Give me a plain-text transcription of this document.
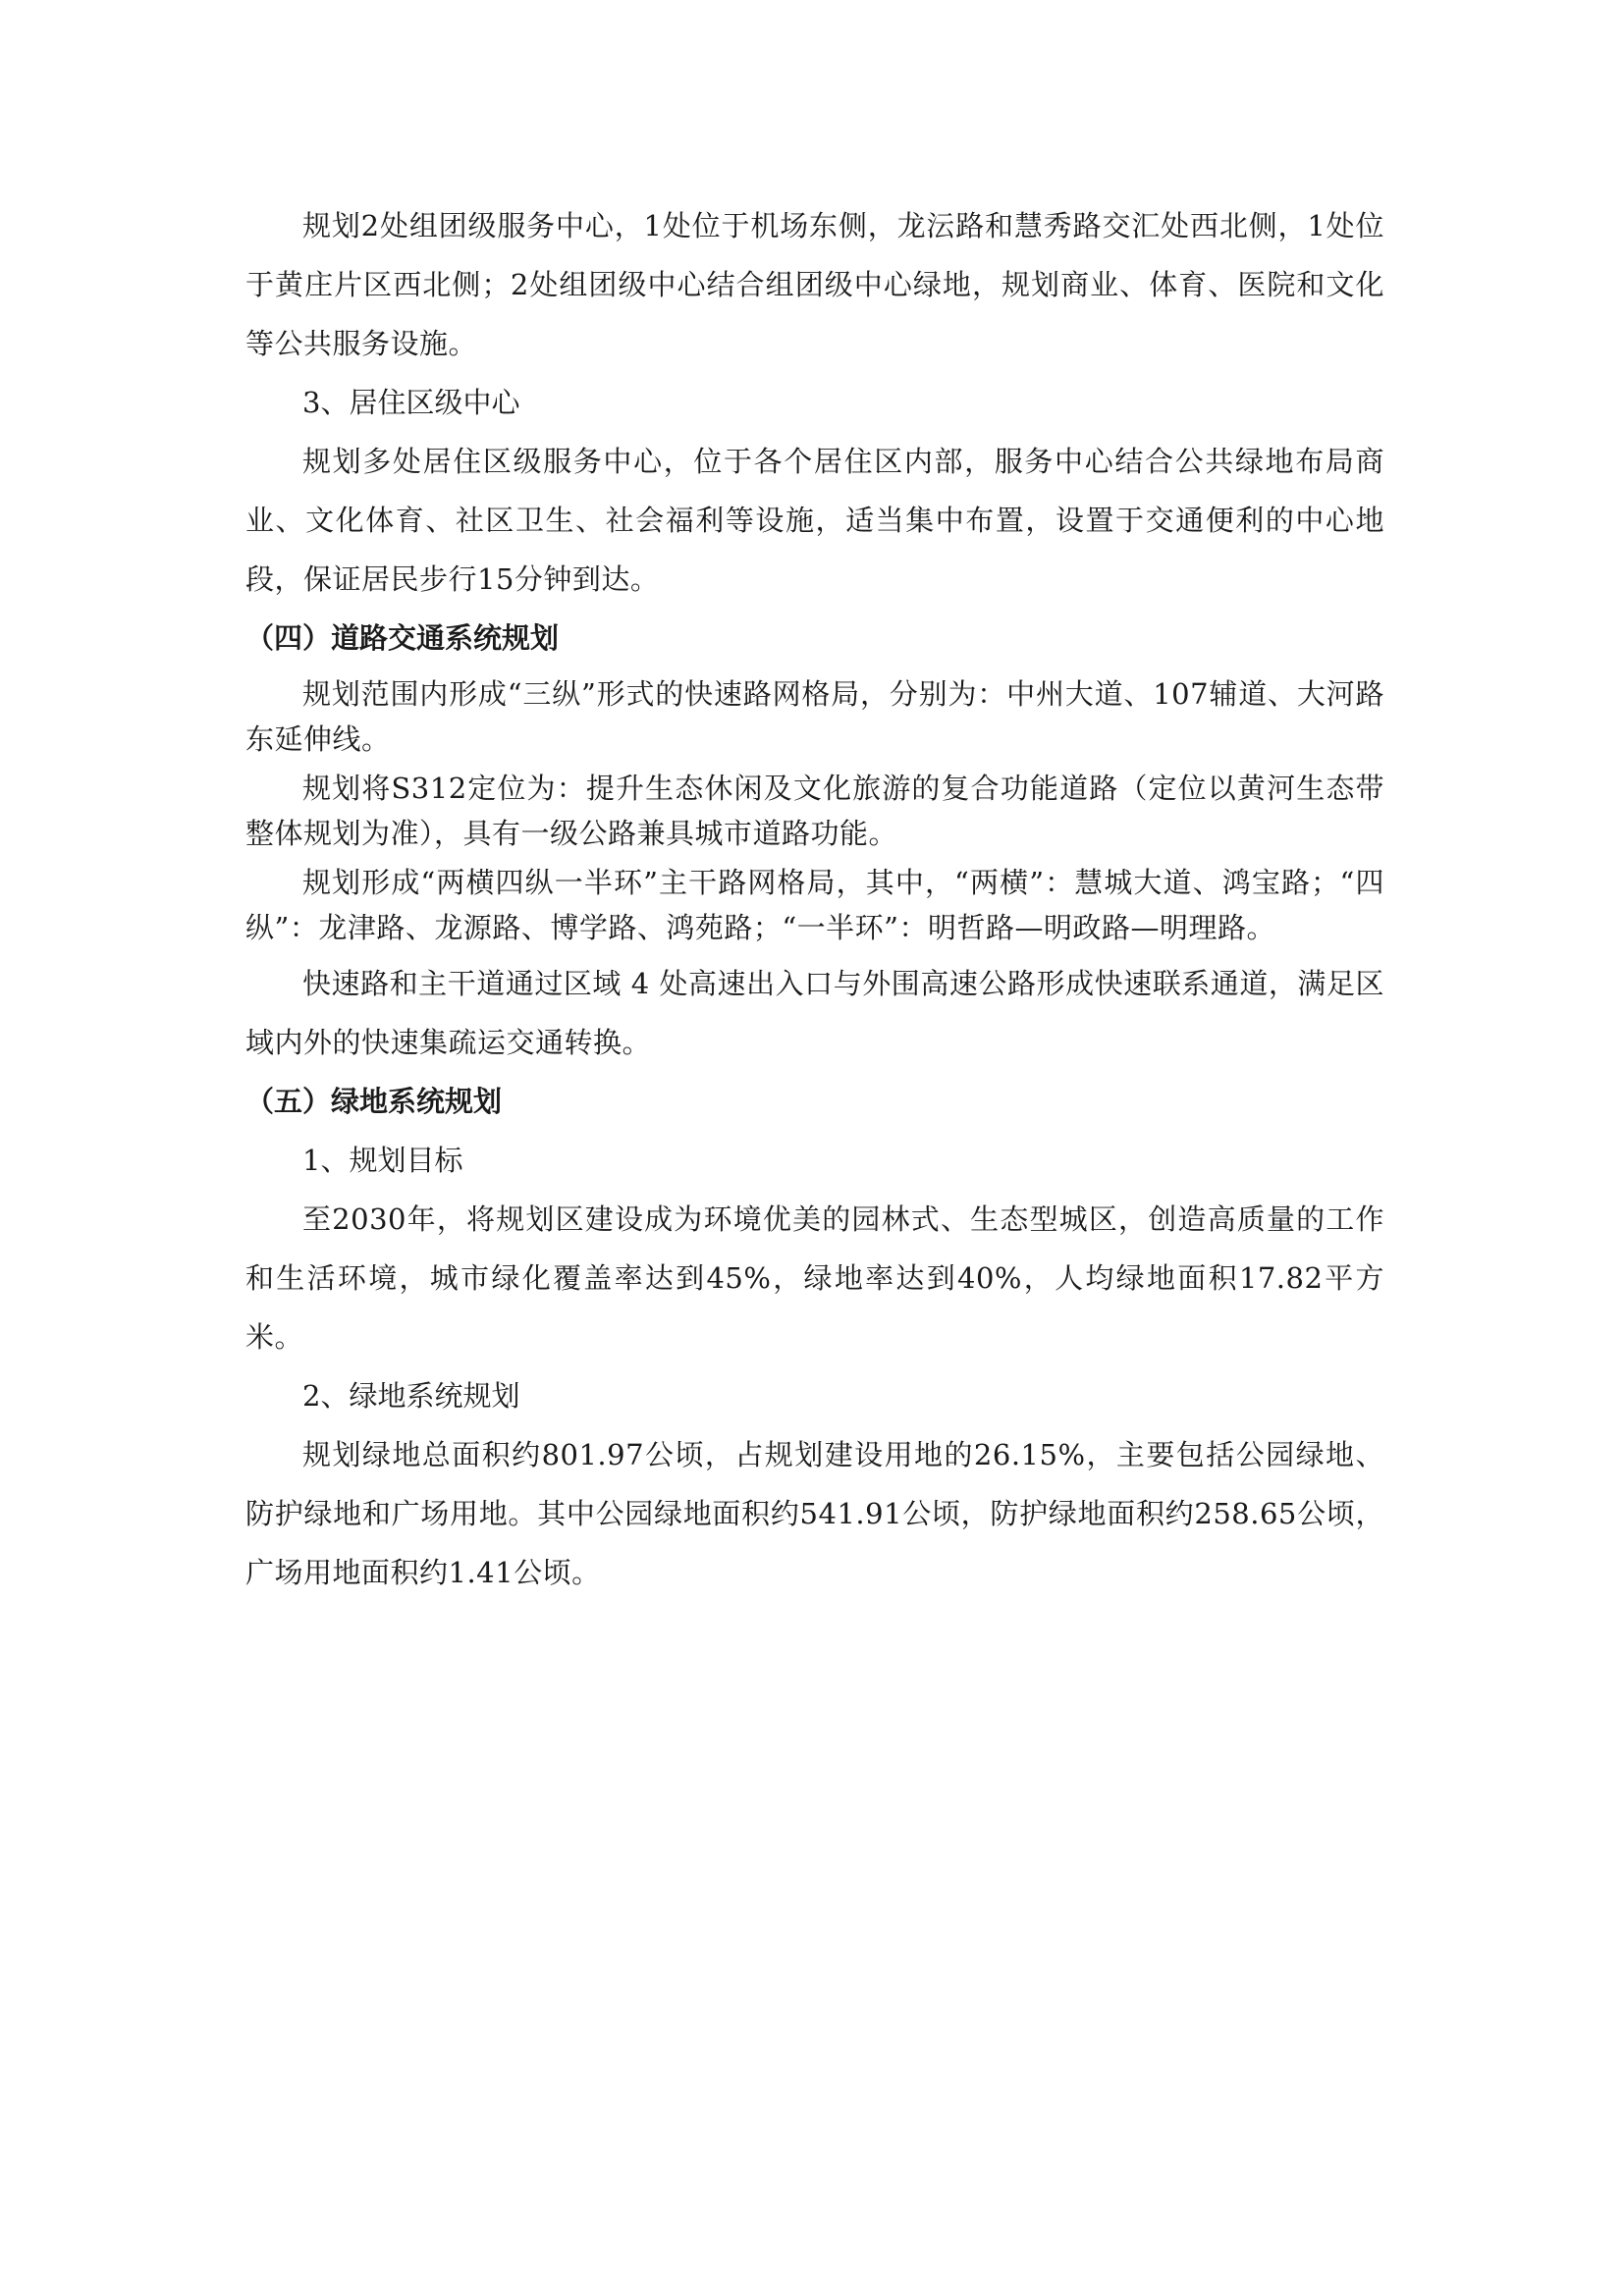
规划2处组团级服务中心，1处位于机场东侧，龙沄路和慧秀路交汇处西北侧，1处位于黄庄片区西北侧；2处组团级中心结合组团级中心绿地，规划商业、体育、医院和文化等公共服务设施。

3、居住区级中心

规划多处居住区级服务中心，位于各个居住区内部，服务中心结合公共绿地布局商业、文化体育、社区卫生、社会福利等设施，适当集中布置，设置于交通便利的中心地段，保证居民步行15分钟到达。

（四）道路交通系统规划

规划范围内形成“三纵”形式的快速路网格局，分别为：中州大道、107辅道、大河路东延伸线。

规划将S312定位为：提升生态休闲及文化旅游的复合功能道路（定位以黄河生态带整体规划为准），具有一级公路兼具城市道路功能。

规划形成“两横四纵一半环”主干路网格局，其中，“两横”：慧城大道、鸿宝路；“四纵”：龙津路、龙源路、博学路、鸿苑路；“一半环”：明哲路—明政路—明理路。

快速路和主干道通过区域 4 处高速出入口与外围高速公路形成快速联系通道，满足区域内外的快速集疏运交通转换。

（五）绿地系统规划

1、规划目标

至2030年，将规划区建设成为环境优美的园林式、生态型城区，创造高质量的工作和生活环境，城市绿化覆盖率达到45%，绿地率达到40%，人均绿地面积17.82平方米。

2、绿地系统规划

规划绿地总面积约801.97公顷，占规划建设用地的26.15%，主要包括公园绿地、防护绿地和广场用地。其中公园绿地面积约541.91公顷，防护绿地面积约258.65公顷，广场用地面积约1.41公顷。
